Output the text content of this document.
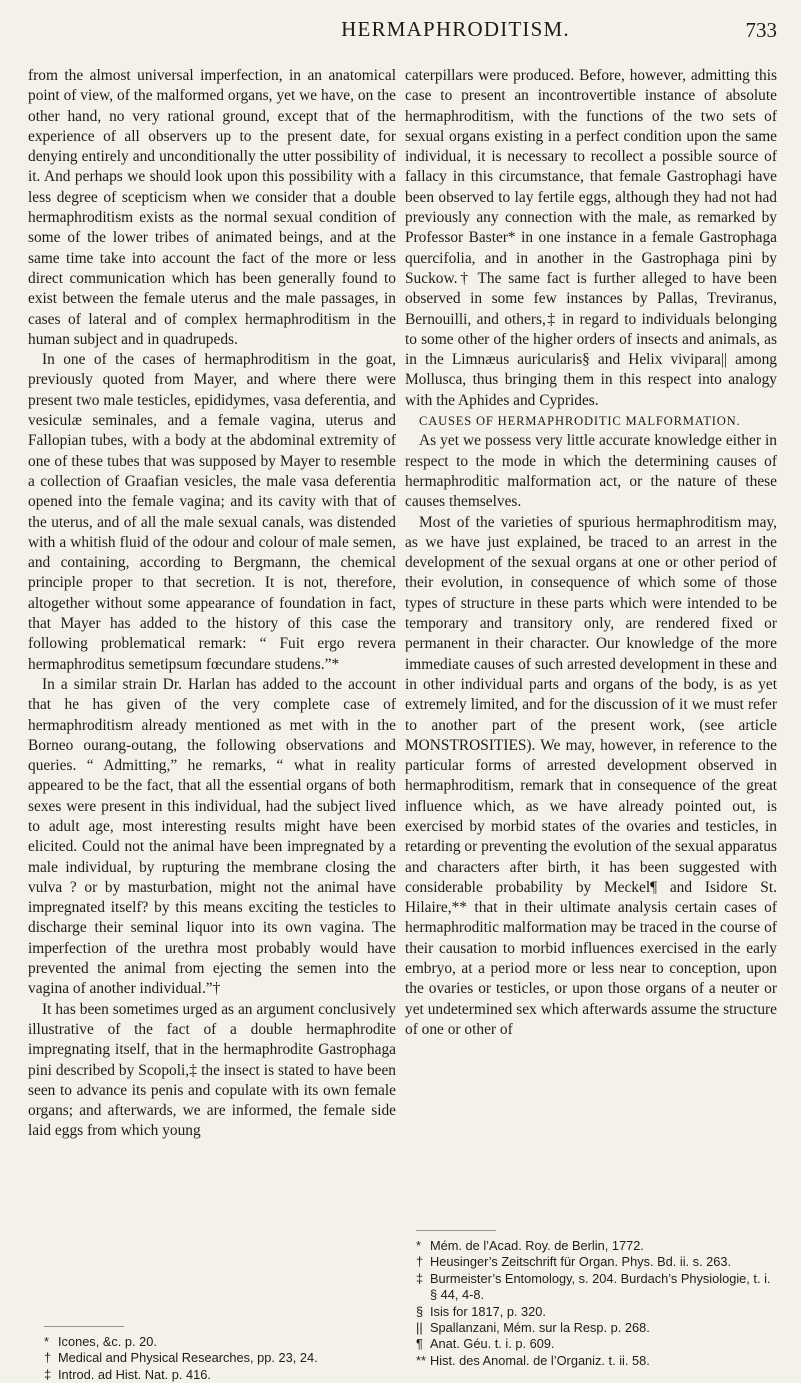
HERMAPHRODITISM.	733

from the almost universal imperfection, in an anatomical point of view, of the malformed organs, yet we have, on the other hand, no very rational ground, except that of the experience of all observers up to the present date, for denying entirely and unconditionally the utter possibility of it. And perhaps we should look upon this possibility with a less degree of scepticism when we consider that a double hermaphroditism exists as the normal sexual condition of some of the lower tribes of animated beings, and at the same time take into account the fact of the more or less direct communication which has been generally found to exist between the female uterus and the male passages, in cases of lateral and of complex hermaphroditism in the human subject and in quadrupeds.

In one of the cases of hermaphroditism in the goat, previously quoted from Mayer, and where there were present two male testicles, epididymes, vasa deferentia, and vesiculæ seminales, and a female vagina, uterus and Fallopian tubes, with a body at the abdominal extremity of one of these tubes that was supposed by Mayer to resemble a collection of Graafian vesicles, the male vasa deferentia opened into the female vagina; and its cavity with that of the uterus, and of all the male sexual canals, was distended with a whitish fluid of the odour and colour of male semen, and containing, according to Bergmann, the chemical principle proper to that secretion. It is not, therefore, altogether without some appearance of foundation in fact, that Mayer has added to the history of this case the following problematical remark: “ Fuit ergo revera hermaphroditus semetipsum fœcundare studens.”*

In a similar strain Dr. Harlan has added to the account that he has given of the very complete case of hermaphroditism already mentioned as met with in the Borneo ourang-outang, the following observations and queries. “ Admitting,” he remarks, “ what in reality appeared to be the fact, that all the essential organs of both sexes were present in this individual, had the subject lived to adult age, most interesting results might have been elicited. Could not the animal have been impregnated by a male individual, by rupturing the membrane closing the vulva ? or by masturbation, might not the animal have impregnated itself? by this means exciting the testicles to discharge their seminal liquor into its own vagina. The imperfection of the urethra most probably would have prevented the animal from ejecting the semen into the vagina of another individual.”†

It has been sometimes urged as an argument conclusively illustrative of the fact of a double hermaphrodite impregnating itself, that in the hermaphrodite Gastrophaga pini described by Scopoli,‡ the insect is stated to have been seen to advance its penis and copulate with its own female organs; and afterwards, we are informed, the female side laid eggs from which young

* Icones, &c. p. 20.

† Medical and Physical Researches, pp. 23, 24.

‡ Introd. ad Hist. Nat. p. 416.

caterpillars were produced. Before, however, admitting this case to present an incontrovertible instance of absolute hermaphroditism, with the functions of the two sets of sexual organs existing in a perfect condition upon the same individual, it is necessary to recollect a possible source of fallacy in this circumstance, that female Gastrophagi have been observed to lay fertile eggs, although they had not had previously any connection with the male, as remarked by Professor Baster* in one instance in a female Gastrophaga quercifolia, and in another in the Gastrophaga pini by Suckow.† The same fact is further alleged to have been observed in some few instances by Pallas, Treviranus, Bernouilli, and others,‡ in regard to individuals belonging to some other of the higher orders of insects and animals, as in the Limnæus auricularis§ and Helix vivipara|| among Mollusca, thus bringing them in this respect into analogy with the Aphides and Cyprides.

CAUSES OF HERMAPHRODITIC MALFORMATION.

As yet we possess very little accurate knowledge either in respect to the mode in which the determining causes of hermaphroditic malformation act, or the nature of these causes themselves.

Most of the varieties of spurious hermaphroditism may, as we have just explained, be traced to an arrest in the development of the sexual organs at one or other period of their evolution, in consequence of which some of those types of structure in these parts which were intended to be temporary and transitory only, are rendered fixed or permanent in their character. Our knowledge of the more immediate causes of such arrested development in these and in other individual parts and organs of the body, is as yet extremely limited, and for the discussion of it we must refer to another part of the present work, (see article MONSTROSITIES). We may, however, in reference to the particular forms of arrested development observed in hermaphroditism, remark that in consequence of the great influence which, as we have already pointed out, is exercised by morbid states of the ovaries and testicles, in retarding or preventing the evolution of the sexual apparatus and characters after birth, it has been suggested with considerable probability by Meckel¶ and Isidore St. Hilaire,** that in their ultimate analysis certain cases of hermaphroditic malformation may be traced in the course of their causation to morbid influences exercised in the early embryo, at a period more or less near to conception, upon the ovaries or testicles, or upon those organs of a neuter or yet undetermined sex which afterwards assume the structure of one or other of

* Mém. de l’Acad. Roy. de Berlin, 1772.

† Heusinger’s Zeitschrift für Organ. Phys. Bd. ii. s. 263.

‡ Burmeister’s Entomology, s. 204. Burdach’s Physiologie, t. i. § 44, 4-8.

§ Isis for 1817, p. 320.

|| Spallanzani, Mém. sur la Resp. p. 268.

¶ Anat. Géu. t. i. p. 609.

** Hist. des Anomal. de l’Organiz. t. ii. 58.
